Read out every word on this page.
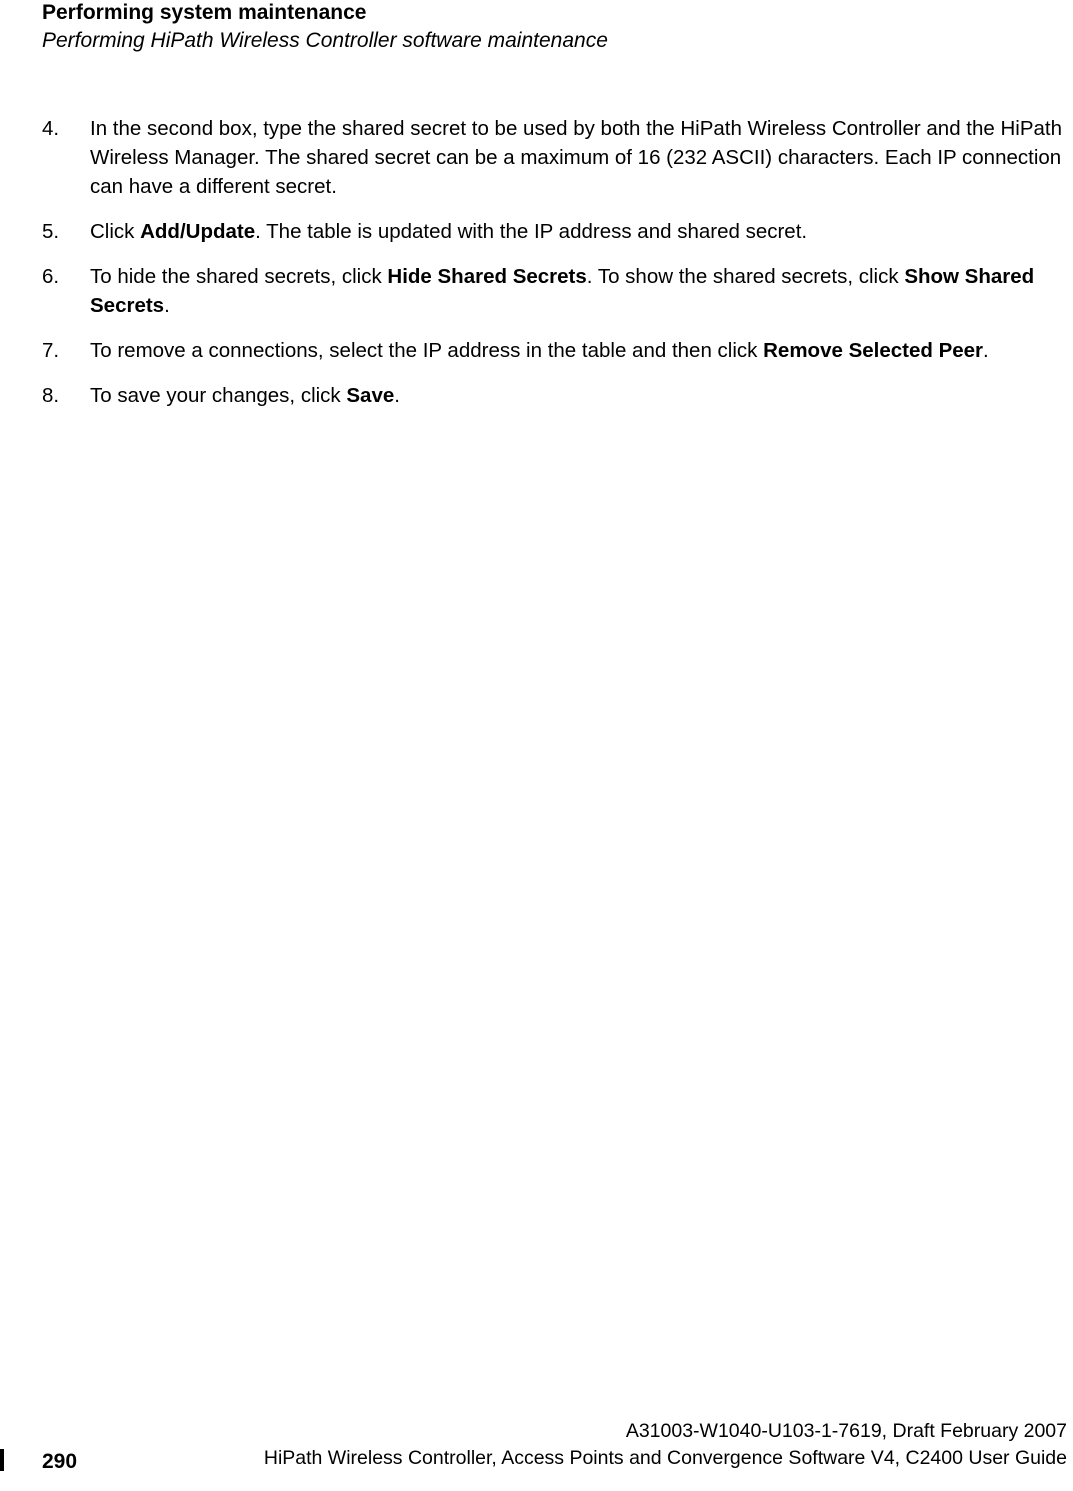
Performing system maintenance
Performing HiPath Wireless Controller software maintenance
4. In the second box, type the shared secret to be used by both the HiPath Wireless Controller and the HiPath Wireless Manager. The shared secret can be a maximum of 16 (232 ASCII) characters. Each IP connection can have a different secret.
5. Click Add/Update. The table is updated with the IP address and shared secret.
6. To hide the shared secrets, click Hide Shared Secrets. To show the shared secrets, click Show Shared Secrets.
7. To remove a connections, select the IP address in the table and then click Remove Selected Peer.
8. To save your changes, click Save.
290
A31003-W1040-U103-1-7619, Draft February 2007
HiPath Wireless Controller, Access Points and Convergence Software V4, C2400 User Guide
